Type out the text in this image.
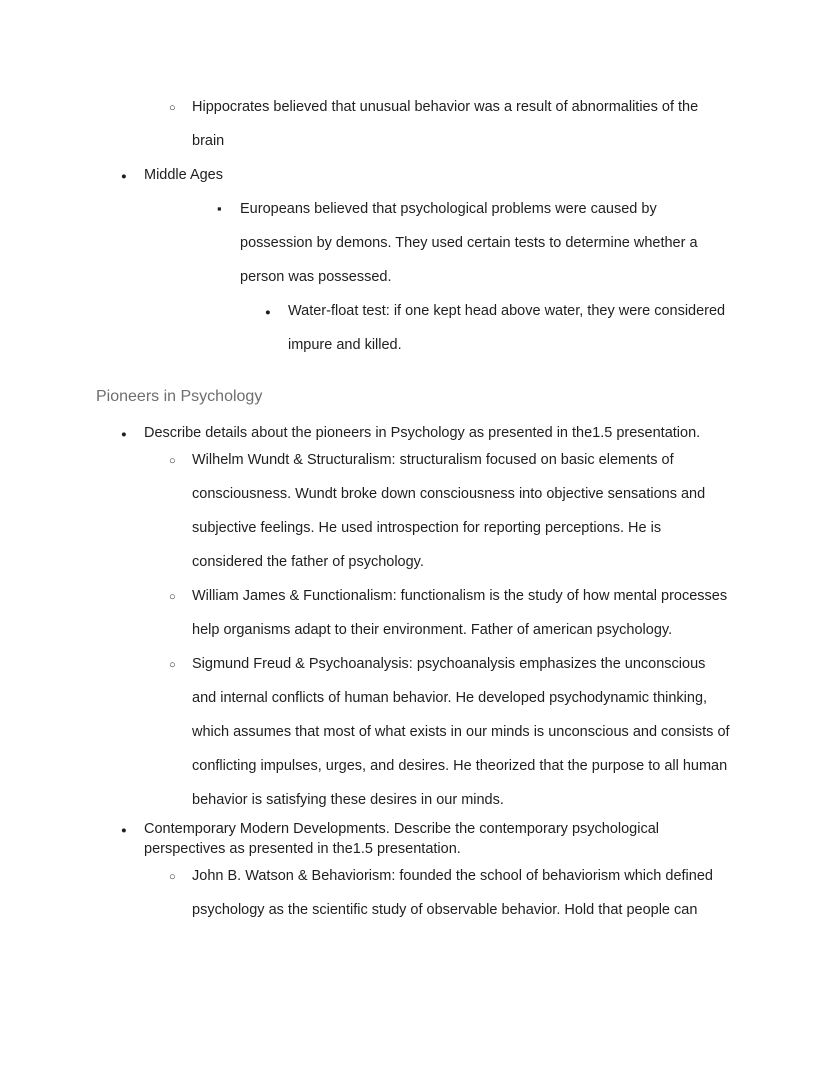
○
Hippocrates believed that unusual behavior was a result of abnormalities of the brain
●
Middle Ages
▪
Europeans believed that psychological problems were caused by possession by demons. They used certain tests to determine whether a person was possessed.
●
Water-float test: if one kept head above water, they were considered impure and killed.
Pioneers in Psychology
●
Describe details about the pioneers in Psychology as presented in the1.5 presentation.
○
Wilhelm Wundt & Structuralism: structuralism focused on basic elements of consciousness. Wundt broke down consciousness into objective sensations and subjective feelings. He used introspection for reporting perceptions. He is considered the father of psychology.
○
William James & Functionalism: functionalism is the study of how mental processes help organisms adapt to their environment. Father of american psychology.
○
Sigmund Freud & Psychoanalysis: psychoanalysis emphasizes the unconscious and internal conflicts of human behavior. He developed psychodynamic thinking, which assumes that most of what exists in our minds is unconscious and consists of conflicting impulses, urges, and desires. He theorized that the purpose to all human behavior is satisfying these desires in our minds.
●
Contemporary Modern Developments. Describe the contemporary psychological perspectives as presented in the1.5 presentation.
○
John B. Watson & Behaviorism: founded the school of behaviorism which defined psychology as the scientific study of observable behavior. Hold that people can
